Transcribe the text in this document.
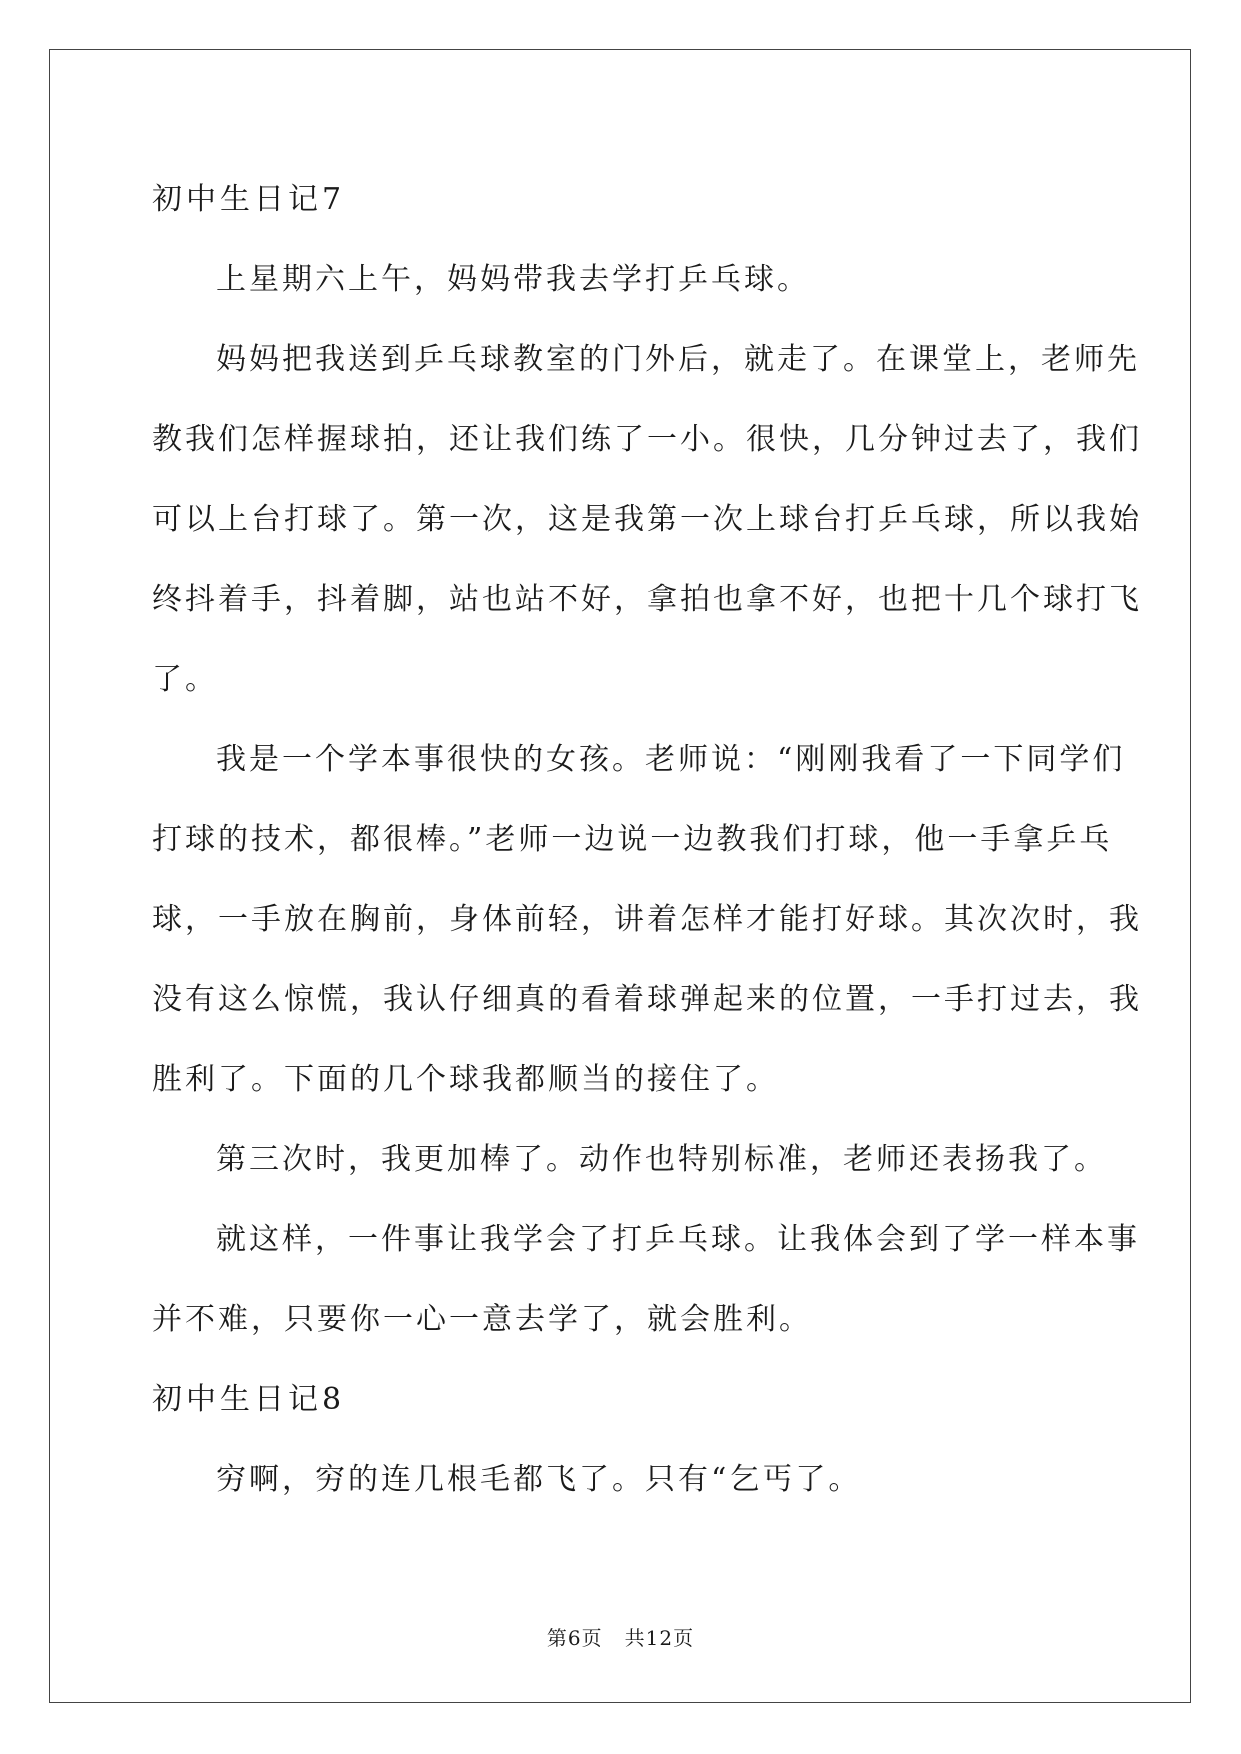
初中生日记7
上星期六上午，妈妈带我去学打乒乓球。
妈妈把我送到乒乓球教室的门外后，就走了。在课堂上，老师先
教我们怎样握球拍，还让我们练了一小。很快，几分钟过去了，我们
可以上台打球了。第一次，这是我第一次上球台打乒乓球，所以我始
终抖着手，抖着脚，站也站不好，拿拍也拿不好，也把十几个球打飞
了。
我是一个学本事很快的女孩。老师说：“刚刚我看了一下同学们
打球的技术，都很棒。”老师一边说一边教我们打球，他一手拿乒乓
球，一手放在胸前，身体前轻，讲着怎样才能打好球。其次次时，我
没有这么惊慌，我认仔细真的看着球弹起来的位置，一手打过去，我
胜利了。下面的几个球我都顺当的接住了。
第三次时，我更加棒了。动作也特别标准，老师还表扬我了。
就这样，一件事让我学会了打乒乓球。让我体会到了学一样本事
并不难，只要你一心一意去学了，就会胜利。
初中生日记8
穷啊，穷的连几根毛都飞了。只有“乞丐了。
第6页 共12页
